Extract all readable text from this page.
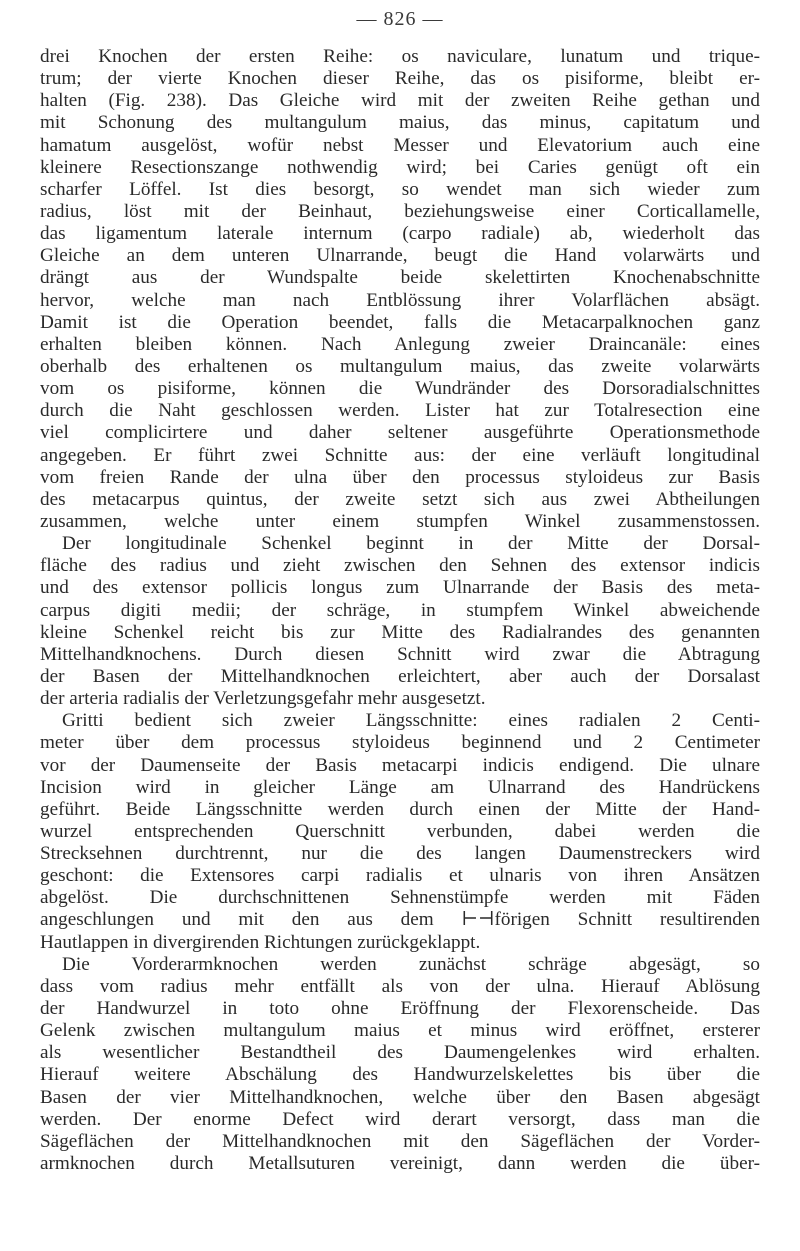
— 826 —
drei Knochen der ersten Reihe: os naviculare, lunatum und trique-
trum; der vierte Knochen dieser Reihe, das os pisiforme, bleibt er-
halten (Fig. 238). Das Gleiche wird mit der zweiten Reihe gethan und
mit Schonung des multangulum maius, das minus, capitatum und
hamatum ausgelöst, wofür nebst Messer und Elevatorium auch eine
kleinere Resectionszange nothwendig wird; bei Caries genügt oft ein
scharfer Löffel. Ist dies besorgt, so wendet man sich wieder zum
radius, löst mit der Beinhaut, beziehungsweise einer Corticallamelle,
das ligamentum laterale internum (carpo radiale) ab, wiederholt das
Gleiche an dem unteren Ulnarrande, beugt die Hand volarwärts und
drängt aus der Wundspalte beide skelettirten Knochenabschnitte
hervor, welche man nach Entblössung ihrer Volarflächen absägt.
Damit ist die Operation beendet, falls die Metacarpalknochen ganz
erhalten bleiben können. Nach Anlegung zweier Draincanäle: eines
oberhalb des erhaltenen os multangulum maius, das zweite volarwärts
vom os pisiforme, können die Wundränder des Dorsoradialschnittes
durch die Naht geschlossen werden. Lister hat zur Totalresection eine
viel complicirtere und daher seltener ausgeführte Operationsmethode
angegeben. Er führt zwei Schnitte aus: der eine verläuft longitudinal
vom freien Rande der ulna über den processus styloideus zur Basis
des metacarpus quintus, der zweite setzt sich aus zwei Abtheilungen
zusammen, welche unter einem stumpfen Winkel zusammenstossen.
Der longitudinale Schenkel beginnt in der Mitte der Dorsal-
fläche des radius und zieht zwischen den Sehnen des extensor indicis
und des extensor pollicis longus zum Ulnarrande der Basis des meta-
carpus digiti medii; der schräge, in stumpfem Winkel abweichende
kleine Schenkel reicht bis zur Mitte des Radialrandes des genannten
Mittelhandknochens. Durch diesen Schnitt wird zwar die Abtragung
der Basen der Mittelhandknochen erleichtert, aber auch der Dorsalast
der arteria radialis der Verletzungsgefahr mehr ausgesetzt.
Gritti bedient sich zweier Längsschnitte: eines radialen 2 Centi-
meter über dem processus styloideus beginnend und 2 Centimeter
vor der Daumenseite der Basis metacarpi indicis endigend. Die ulnare
Incision wird in gleicher Länge am Ulnarrand des Handrückens
geführt. Beide Längsschnitte werden durch einen der Mitte der Hand-
wurzel entsprechenden Querschnitt verbunden, dabei werden die
Strecksehnen durchtrennt, nur die des langen Daumenstreckers wird
geschont: die Extensores carpi radialis et ulnaris von ihren Ansätzen
abgelöst. Die durchschnittenen Sehnenstümpfe werden mit Fäden
angeschlungen und mit den aus dem ⊢⊣förigen Schnitt resultirenden
Hautlappen in divergirenden Richtungen zurückgeklappt.
Die Vorderarmknochen werden zunächst schräge abgesägt, so
dass vom radius mehr entfällt als von der ulna. Hierauf Ablösung
der Handwurzel in toto ohne Eröffnung der Flexorenscheide. Das
Gelenk zwischen multangulum maius et minus wird eröffnet, ersterer
als wesentlicher Bestandtheil des Daumengelenkes wird erhalten.
Hierauf weitere Abschälung des Handwurzelskelettes bis über die
Basen der vier Mittelhandknochen, welche über den Basen abgesägt
werden. Der enorme Defect wird derart versorgt, dass man die
Sägeflächen der Mittelhandknochen mit den Sägeflächen der Vorder-
armknochen durch Metallsuturen vereinigt, dann werden die über-
